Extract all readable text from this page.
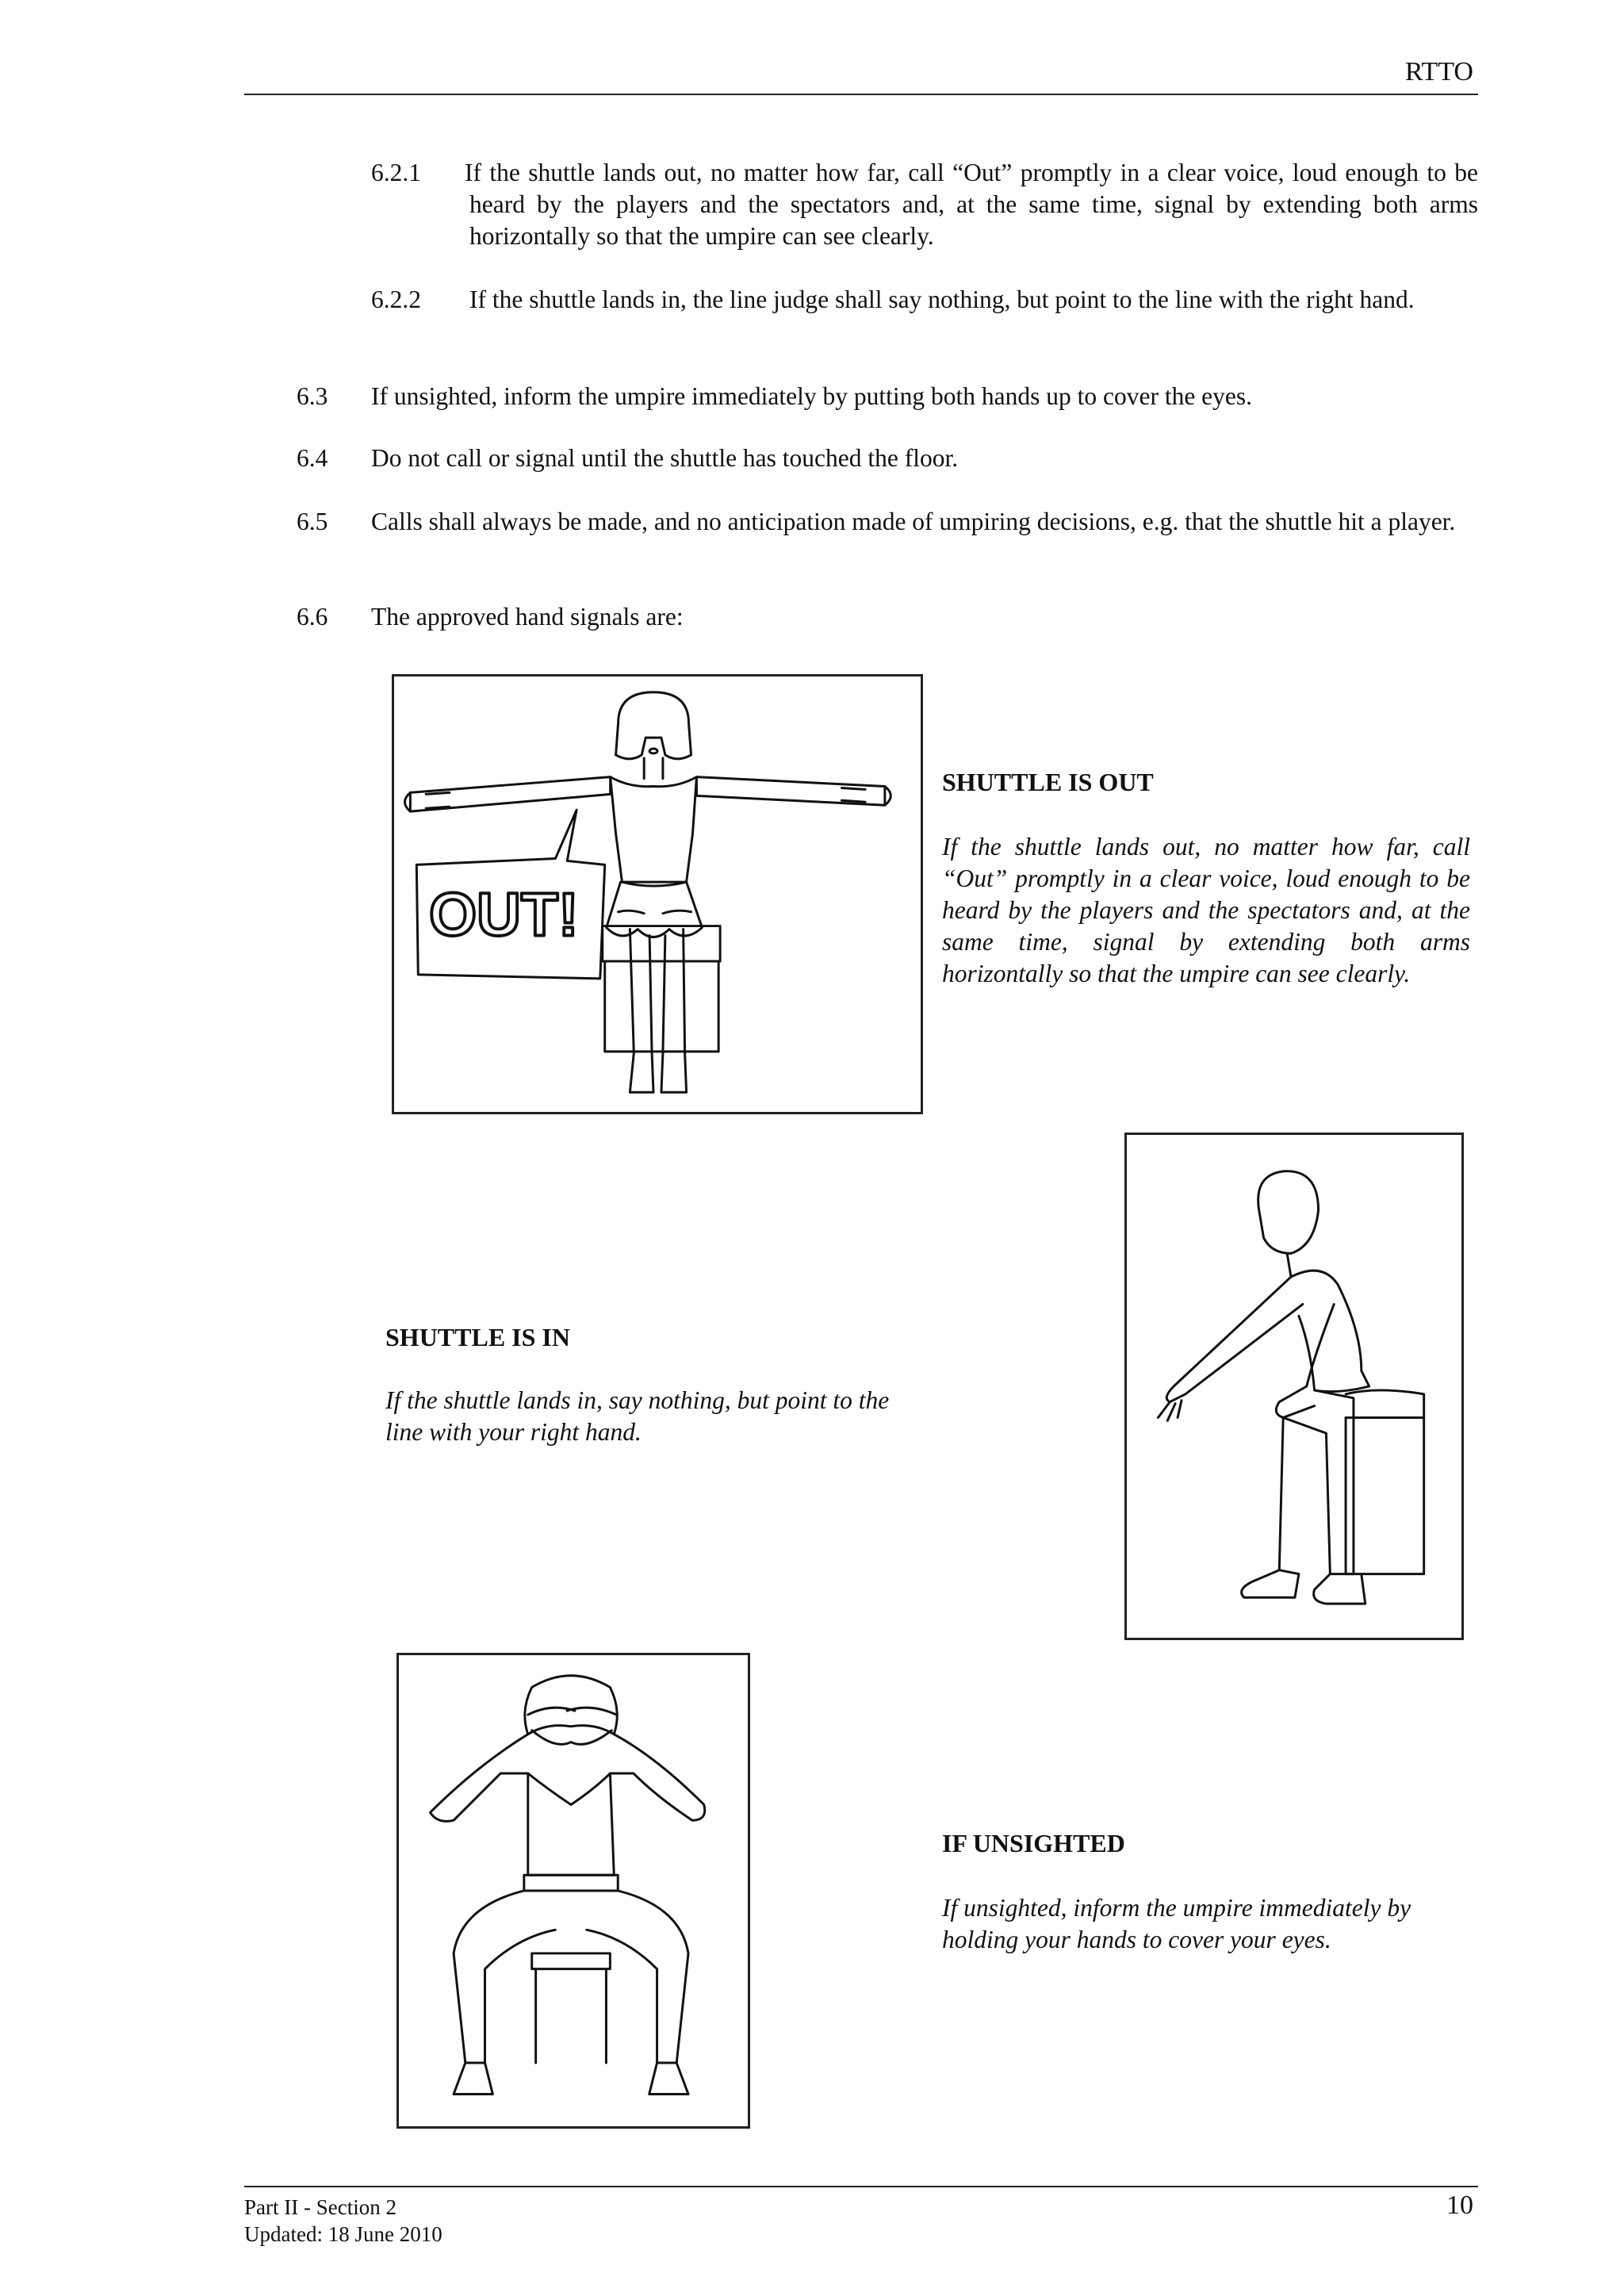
RTTO
6.2.1 If the shuttle lands out, no matter how far, call “Out” promptly in a clear voice, loud enough to be heard by the players and the spectators and, at the same time, signal by extending both arms horizontally so that the umpire can see clearly.
6.2.2 If the shuttle lands in, the line judge shall say nothing, but point to the line with the right hand.
6.3 If unsighted, inform the umpire immediately by putting both hands up to cover the eyes.
6.4 Do not call or signal until the shuttle has touched the floor.
6.5 Calls shall always be made, and no anticipation made of umpiring decisions, e.g. that the shuttle hit a player.
6.6 The approved hand signals are:
OUT!
SHUTTLE IS OUT
If the shuttle lands out, no matter how far, call “Out” promptly in a clear voice, loud enough to be heard by the players and the spectators and, at the same time, signal by extending both arms horizontally so that the umpire can see clearly.
SHUTTLE IS IN
If the shuttle lands in, say nothing, but point to the line with your right hand.
IF UNSIGHTED
If unsighted, inform the umpire immediately by holding your hands to cover your eyes.
Part II - Section 2
Updated: 18 June 2010
10
